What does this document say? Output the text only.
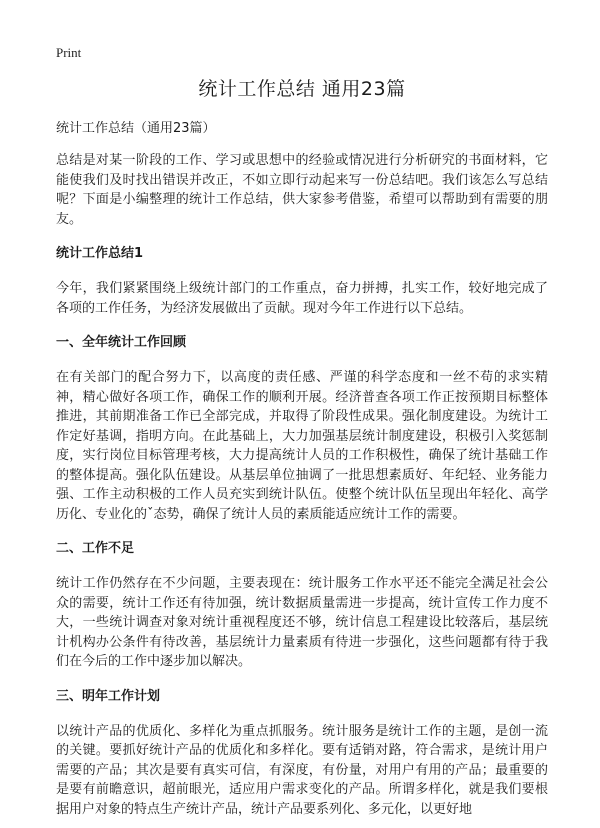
Print
统计工作总结 通用23篇

统计工作总结（通用23篇）

总结是对某一阶段的工作、学习或思想中的经验或情况进行分析研究的书面材料，它能使我们及时找出错误并改正，不如立即行动起来写一份总结吧。我们该怎么写总结呢？下面是小编整理的统计工作总结，供大家参考借鉴，希望可以帮助到有需要的朋友。

统计工作总结1

今年，我们紧紧围绕上级统计部门的工作重点，奋力拼搏，扎实工作，较好地完成了各项的工作任务，为经济发展做出了贡献。现对今年工作进行以下总结。

一、全年统计工作回顾

在有关部门的配合努力下，以高度的责任感、严谨的科学态度和一丝不苟的求实精神，精心做好各项工作，确保工作的顺利开展。经济普查各项工作正按预期目标整体推进，其前期准备工作已全部完成，并取得了阶段性成果。强化制度建设。为统计工作定好基调，指明方向。在此基础上，大力加强基层统计制度建设，积极引入奖惩制度，实行岗位目标管理考核，大力提高统计人员的工作积极性，确保了统计基础工作的整体提高。强化队伍建设。从基层单位抽调了一批思想素质好、年纪轻、业务能力强、工作主动积极的工作人员充实到统计队伍。使整个统计队伍呈现出年轻化、高学历化、专业化的ˇ态势，确保了统计人员的素质能适应统计工作的需要。

二、工作不足

统计工作仍然存在不少问题，主要表现在：统计服务工作水平还不能完全满足社会公众的需要，统计工作还有待加强，统计数据质量需进一步提高，统计宣传工作力度不大，一些统计调查对象对统计重视程度还不够，统计信息工程建设比较落后，基层统计机构办公条件有待改善，基层统计力量素质有待进一步强化，这些问题都有待于我们在今后的工作中逐步加以解决。

三、明年工作计划

以统计产品的优质化、多样化为重点抓服务。统计服务是统计工作的主题，是创一流的关键。要抓好统计产品的优质化和多样化。要有适销对路，符合需求，是统计用户需要的产品；其次是要有真实可信，有深度，有份量，对用户有用的产品；最重要的是要有前瞻意识，超前眼光，适应用户需求变化的产品。所谓多样化，就是我们要根据用户对象的特点生产统计产品，统计产品要系列化、多元化，以更好地
